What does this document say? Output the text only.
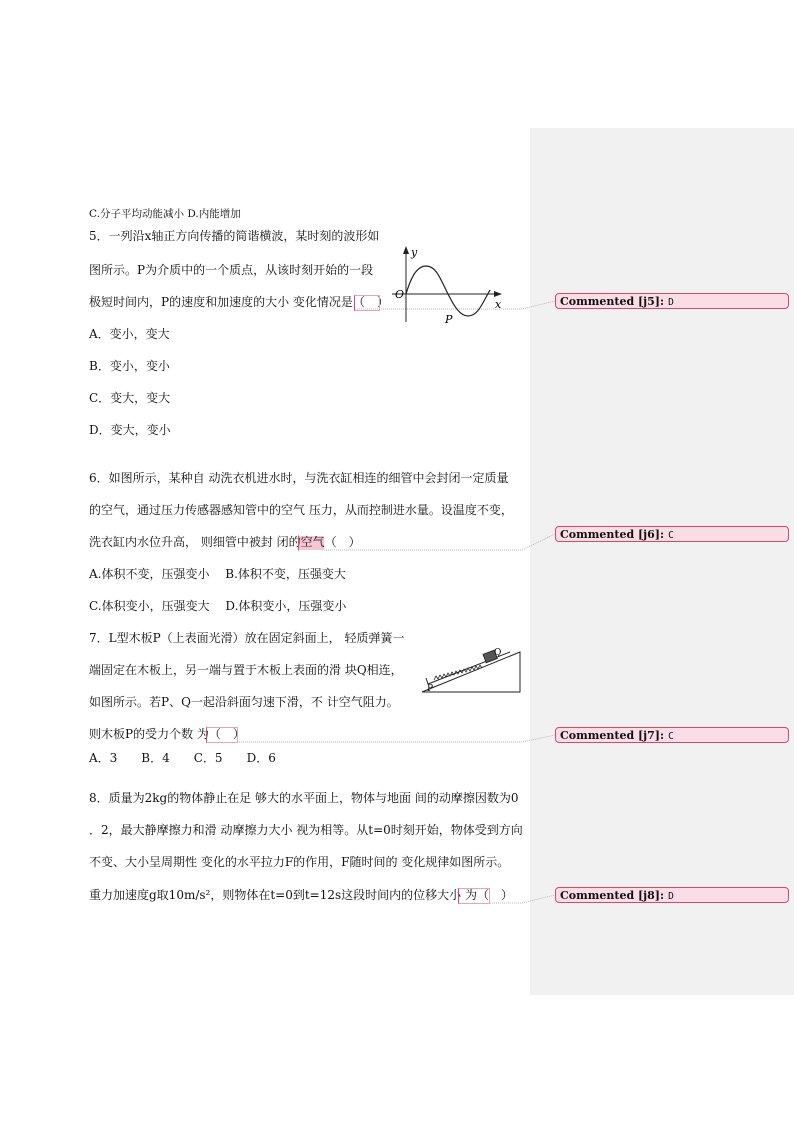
C.分子平均动能减小 D.内能增加
5．一列沿x轴正方向传播的简谐横波，某时刻的波形如
图所示。P为介质中的一个质点，从该时刻开始的一段
极短时间内，P的速度和加速度的大小 变化情况是（　）
y
O
x
P
A．变小，变大
B．变小，变小
C．变大，变大
D．变大，变小
6．如图所示，某种自 动洗衣机进水时，与洗衣缸相连的细管中会封闭一定质量
的空气，通过压力传感器感知管中的空气 压力，从而控制进水量。设温度不变，
洗衣缸内水位升高， 则细管中被封 闭的空气（　）
A.体积不变，压强变小　 B.体积不变，压强变大
C.体积变小，压强变大　 D.体积变小，压强变小
7．L型木板P（上表面光滑）放在固定斜面上， 轻质弹簧一
端固定在木板上，另一端与置于木板上表面的滑 块Q相连，
如图所示。若P、Q一起沿斜面匀速下滑，不 计空气阻力。
则木板P的受力个数 为（　）
P
Q
A．3　　B．4　　C．5　　D．6
8．质量为2kg的物体静止在足 够大的水平面上，物体与地面 间的动摩擦因数为0
．2，最大静摩擦力和滑 动摩擦力大小 视为相等。从t=0时刻开始，物体受到方向
不变、大小呈周期性 变化的水平拉力F的作用，F随时间的 变化规律如图所示。
重力加速度g取10m/s²，则物体在t=0到t=12s这段时间内的位移大小 为（　）
Commented [j5]: D
Commented [j6]: C
Commented [j7]: C
Commented [j8]: D
